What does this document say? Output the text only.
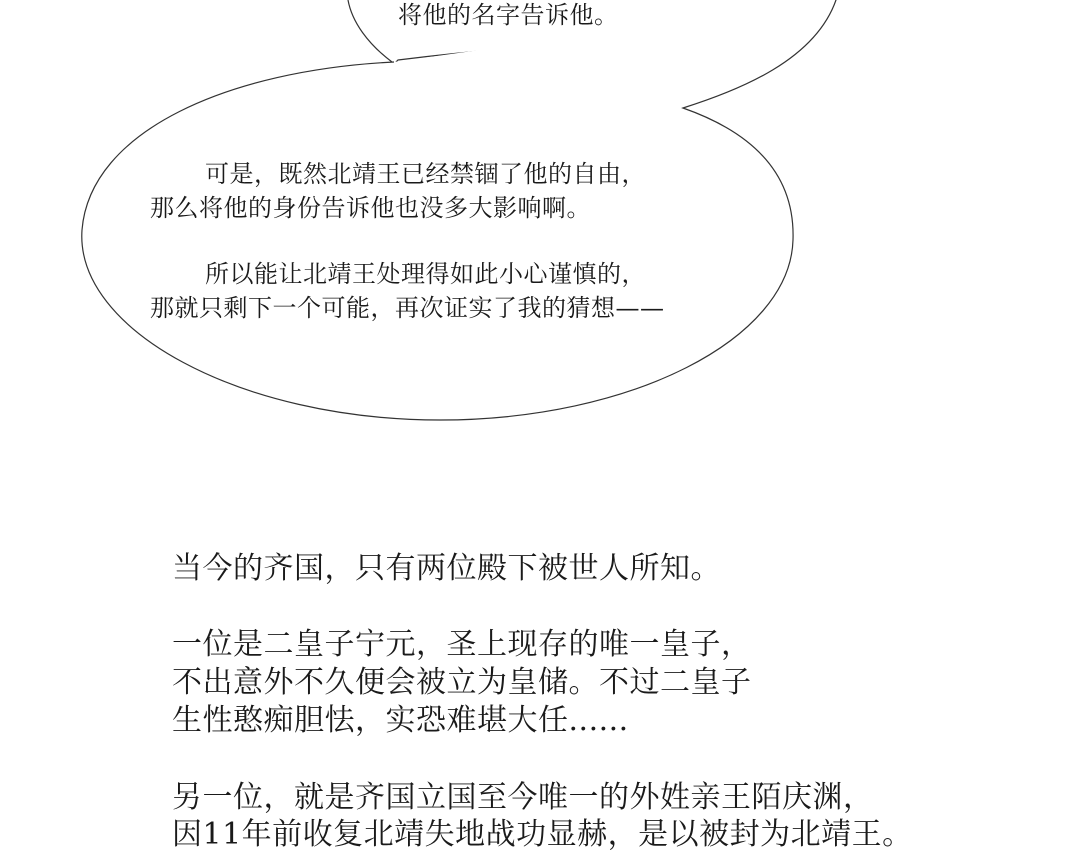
将他的名字告诉他。
可是，既然北靖王已经禁锢了他的自由，
那么将他的身份告诉他也没多大影响啊。
所以能让北靖王处理得如此小心谨慎的，
那就只剩下一个可能，再次证实了我的猜想——
当今的齐国，只有两位殿下被世人所知。
一位是二皇子宁元，圣上现存的唯一皇子，
不出意外不久便会被立为皇储。不过二皇子
生性憨痴胆怯，实恐难堪大任......
另一位，就是齐国立国至今唯一的外姓亲王陌庆渊，
因11年前收复北靖失地战功显赫，是以被封为北靖王。
